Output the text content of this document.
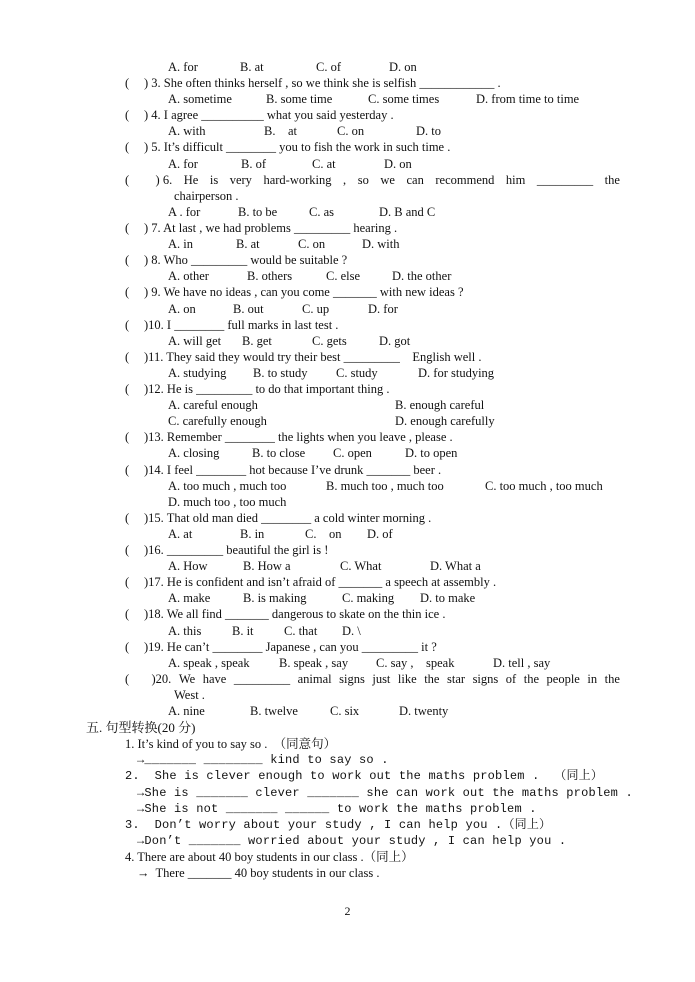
A. for	B. at	C. of	D. on
( ) 3. She often thinks herself , so we think she is selfish ____________ .
A. sometime	B. some time	C. some times	D. from time to time
( ) 4. I agree __________ what you said yesterday .
A. with	B.    at	C. on	D. to
( ) 5. It’s difficult ________ you to fish the work in such time .
A. for	B. of	C. at	D. on
(	) 6. He is very hard-working , so we can recommend him _________ the
chairperson .
A . for	B. to be	C. as	D. B and C
( ) 7. At last , we had problems _________ hearing .
A. in	B. at	C. on	D. with
( ) 8. Who _________ would be suitable ?
A. other	B. others	C. else	D. the other
( ) 9. We have no ideas , can you come _______ with new ideas ?
A. on	B. out	C. up	D. for
( )10. I ________ full marks in last test .
A. will get B. get	C. gets	D. got
( )11. They said they would try their best _________    English well .
A. studying B. to study C. study	D. for studying
( )12. He is _________ to do that important thing .
A. careful enough	B. enough careful
C. carefully enough	D. enough carefully
( )13. Remember ________ the lights when you leave , please .
A. closing	B. to close C. open	D. to open
( )14. I feel ________ hot because I’ve drunk _______ beer .
A. too much , much too	B. much too , much too	C. too much , too much
D. much too , too much
( )15. That old man died ________ a cold winter morning .
A. at	B. in	C.    on D. of
( )16. _________ beautiful the girl is !
A. How	B. How a	C. What	D. What a
( )17. He is confident and isn’t afraid of _______ a speech at assembly .
A. make	B. is making	C. making D. to make
( )18. We all find _______ dangerous to skate on the thin ice .
A. this B. it C. that D. \
( )19. He can’t ________ Japanese , can you _________ it ?
A. speak , speak B. speak , say C. say ,    speak	D. tell , say
(	)20. We have _________ animal signs just like the star signs of the people in the
West .
A. nine	B. twelve	C. six	D. twenty
五. 句型转换(20 分)
1. It’s kind of you to say so .  （同意句）
→_______ ________ kind to say so .
2.  She is clever enough to work out the maths problem .  （同上）
→She is _______ clever _______ she can work out the maths problem .
→She is not _______ ______ to work the maths problem .
3.  Don’t worry about your study , I can help you .（同上）
→Don’t _______ worried about your study , I can help you .
4. There are about 40 boy students in our class .（同上）
→  There _______ 40 boy students in our class .
2
